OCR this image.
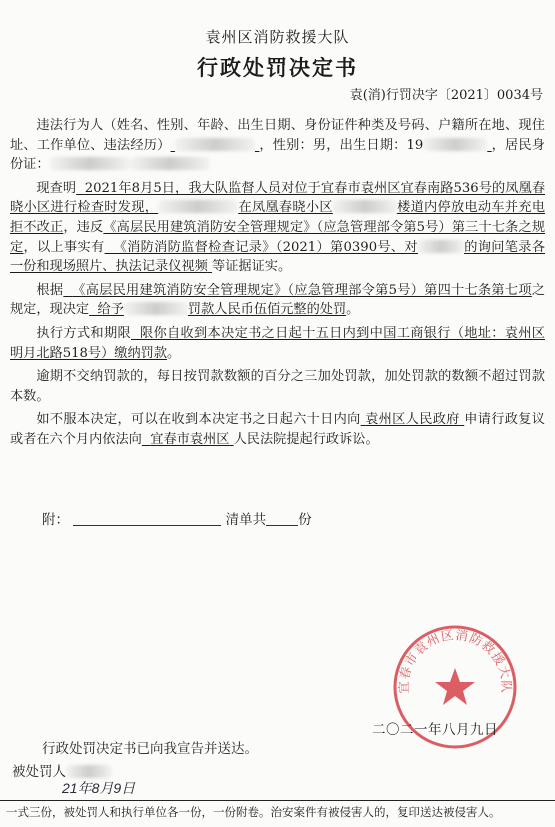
袁州区消防救援大队
行政处罚决定书
袁(消)行罚决字〔2021〕0034号

违法行为人（姓名、性别、年龄、出生日期、身份证件种类及号码、户籍所在地、现住址、工作单位、违法经历）	，性别：男，出生日期：19	，居民身份证：

现查明 2021年8月5日，我大队监督人员对位于宜春市袁州区宜春南路536号的凤凰春晓小区进行检查时发现，	在凤凰春晓小区	楼道内停放电动车并充电拒不改正，违反《高层民用建筑消防安全管理规定》（应急管理部令第5号）第三十七条之规定，以上事实有 《消防消防监督检查记录》（2021）第0390号、对	的询问笔录各一份和现场照片、执法记录仪视频 等证据证实。

根据 《高层民用建筑消防安全管理规定》（应急管理部令第5号）第四十七条第七项之规定，现决定 给予	罚款人民币伍佰元整的处罚。

执行方式和期限 限你自收到本决定书之日起十五日内到中国工商银行（地址：袁州区明月北路518号）缴纳罚款。

逾期不交纳罚款的，每日按罚款数额的百分之三加处罚款，加处罚款的数额不超过罚款本数。

如不服本决定，可以在收到本决定书之日起六十日内向 袁州区人民政府 申请行政复议或者在六个月内依法向 宜春市袁州区 人民法院提起行政诉讼。

附：	清单共 份
宜春市袁州区消防救援大队
二〇二一年八月九日
行政处罚决定书已向我宣告并送达。
被处罚人
21年8月9日
一式三份，被处罚人和执行单位各一份，一份附卷。治安案件有被侵害人的，复印送达被侵害人。
